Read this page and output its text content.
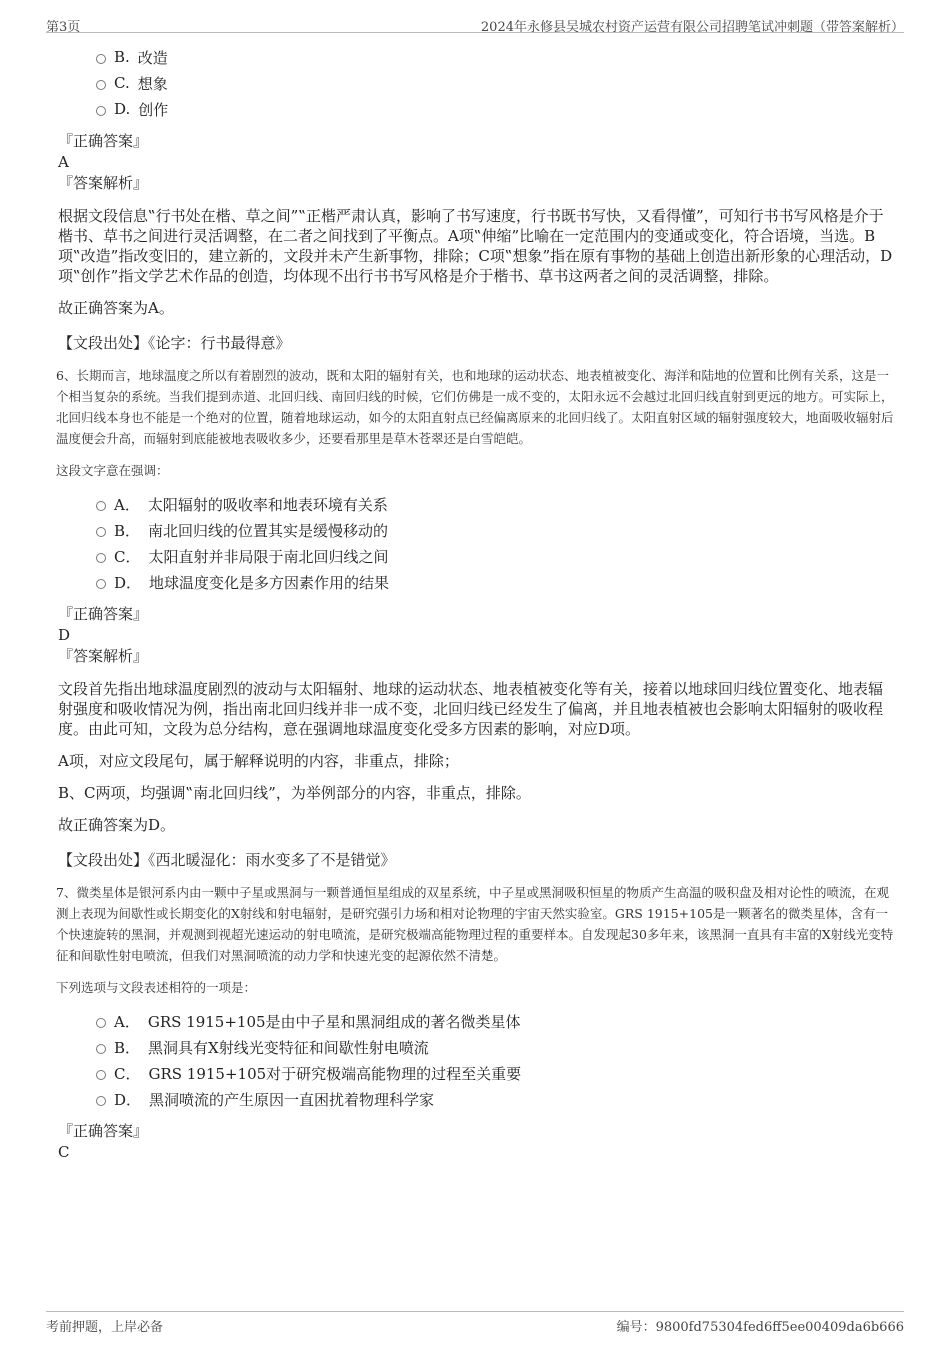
第3页	2024年永修县吴城农村资产运营有限公司招聘笔试冲刺题（带答案解析）
B. 改造
C. 想象
D. 创作
『正确答案』
A
『答案解析』

根据文段信息‟行书处在楷、草之间”‟正楷严肃认真，影响了书写速度，行书既书写快，又看得懂”，可知行书书写风格是介于楷书、草书之间进行灵活调整，在二者之间找到了平衡点。A项‟伸缩”比喻在一定范围内的变通或变化，符合语境，当选。B项‟改造”指改变旧的，建立新的，文段并未产生新事物，排除；C项‟想象”指在原有事物的基础上创造出新形象的心理活动，D项‟创作”指文学艺术作品的创造，均体现不出行书书写风格是介于楷书、草书这两者之间的灵活调整，排除。

故正确答案为A。

【文段出处】《论字：行书最得意》

6、长期而言，地球温度之所以有着剧烈的波动，既和太阳的辐射有关，也和地球的运动状态、地表植被变化、海洋和陆地的位置和比例有关系，这是一个相当复杂的系统。当我们提到赤道、北回归线、南回归线的时候，它们仿佛是一成不变的，太阳永远不会越过北回归线直射到更远的地方。可实际上，北回归线本身也不能是一个绝对的位置，随着地球运动，如今的太阳直射点已经偏离原来的北回归线了。太阳直射区域的辐射强度较大，地面吸收辐射后温度便会升高，而辐射到底能被地表吸收多少，还要看那里是草木苍翠还是白雪皑皑。

这段文字意在强调：

A． 太阳辐射的吸收率和地表环境有关系
B． 南北回归线的位置其实是缓慢移动的
C． 太阳直射并非局限于南北回归线之间
D． 地球温度变化是多方因素作用的结果
『正确答案』
D
『答案解析』

文段首先指出地球温度剧烈的波动与太阳辐射、地球的运动状态、地表植被变化等有关，接着以地球回归线位置变化、地表辐射强度和吸收情况为例，指出南北回归线并非一成不变，北回归线已经发生了偏离，并且地表植被也会影响太阳辐射的吸收程度。由此可知，文段为总分结构，意在强调地球温度变化受多方因素的影响，对应D项。

A项，对应文段尾句，属于解释说明的内容，非重点，排除；

B、C两项，均强调‟南北回归线”，为举例部分的内容，非重点，排除。

故正确答案为D。

【文段出处】《西北暖湿化：雨水变多了不是错觉》

7、微类星体是银河系内由一颗中子星或黑洞与一颗普通恒星组成的双星系统，中子星或黑洞吸积恒星的物质产生高温的吸积盘及相对论性的喷流，在观测上表现为间歇性或长期变化的X射线和射电辐射，是研究强引力场和相对论物理的宇宙天然实验室。GRS 1915+105是一颗著名的微类星体，含有一个快速旋转的黑洞，并观测到视超光速运动的射电喷流，是研究极端高能物理过程的重要样本。自发现起30多年来，该黑洞一直具有丰富的X射线光变特征和间歇性射电喷流，但我们对黑洞喷流的动力学和快速光变的起源依然不清楚。

下列选项与文段表述相符的一项是：

A． GRS 1915+105是由中子星和黑洞组成的著名微类星体
B． 黑洞具有X射线光变特征和间歇性射电喷流
C． GRS 1915+105对于研究极端高能物理的过程至关重要
D． 黑洞喷流的产生原因一直困扰着物理科学家
『正确答案』
C
考前押题，上岸必备	编号：9800fd75304fed6ff5ee00409da6b666
